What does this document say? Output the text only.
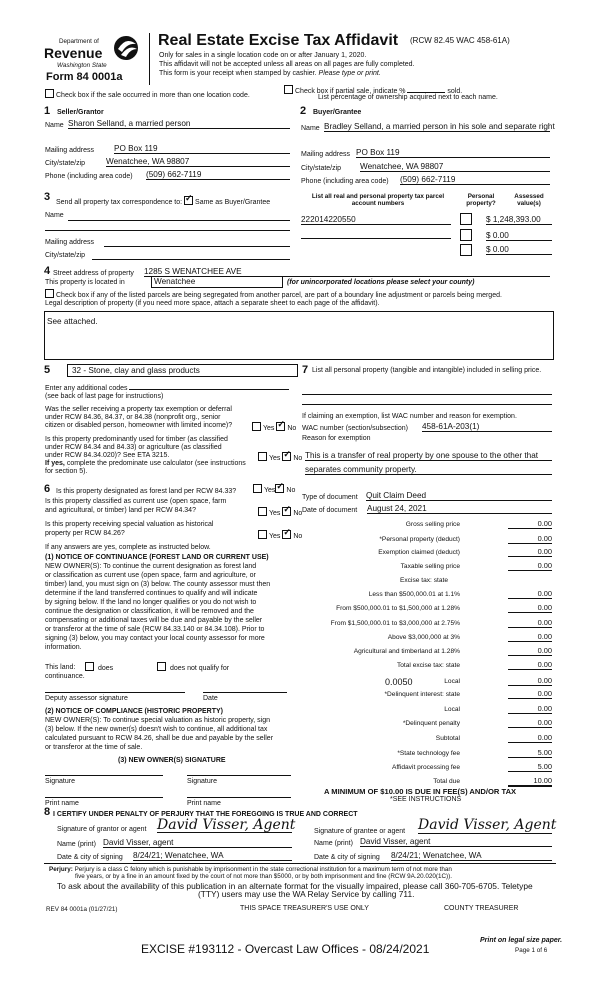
Department of
Revenue
Washington State
Form 84 0001a
Real Estate Excise Tax Affidavit (RCW 82.45 WAC 458-61A)
Only for sales in a single location code on or after January 1, 2020.
This affidavit will not be accepted unless all areas on all pages are fully completed.
This form is your receipt when stamped by cashier. Please type or print.
Check box if the sale occurred in more than one location code.
Check box if partial sale, indicate %	sold.
List percentage of ownership acquired next to each name.
1 Seller/Grantor
Name Sharon Selland, a married person
Mailing address PO Box 119
City/state/zip	Wenatchee, WA 98807
Phone (including area code) (509) 662-7119
2 Buyer/Grantee
Name Bradley Selland, a married person in his sole and separate right
Mailing address PO Box 119
City/state/zip Wenatchee, WA 98807
Phone (including area code) (509) 662-7119
3 Send all property tax correspondence to: ✓ Same as Buyer/Grantee
Name
Mailing address
City/state/zip
List all real and personal property tax parcel account numbers
Personal property?
Assessed value(s)
222014220550	$ 1,248,393.00
$ 0.00
$ 0.00
4 Street address of property 1285 S WENATCHEE AVE
This property is located in	Wenatchee	(for unincorporated locations please select your county)
Check box if any of the listed parcels are being segregated from another parcel, are part of a boundary line adjustment or parcels being merged.
Legal description of property (if you need more space, attach a separate sheet to each page of the affidavit).
See attached.
5	32 - Stone, clay and glass products
Enter any additional codes
(see back of last page for instructions)
Was the seller receiving a property tax exemption or deferral
under RCW 84.36, 84.37, or 84.38 (nonprofit org., senior
citizen or disabled person, homeowner with limited income)?	Yes ✓ No
Is this property predominantly used for timber (as classified
under RCW 84.34 and 84.33) or agriculture (as classified
under RCW 84.34.020)? See ETA 3215.	Yes ✓ No
If yes, complete the predominate use calculator (see instructions
for section 5).
6 Is this property designated as forest land per RCW 84.33?	Yes ✓ No
Is this property classified as current use (open space, farm
and agricultural, or timber) land per RCW 84.34?	Yes ✓ No
Is this property receiving special valuation as historical
property per RCW 84.26?	Yes ✓ No
If any answers are yes, complete as instructed below.
(1) NOTICE OF CONTINUANCE (FOREST LAND OR CURRENT USE)
NEW OWNER(S): To continue the current designation as forest land
or classification as current use (open space, farm and agriculture, or
timber) land, you must sign on (3) below. The county assessor must then
determine if the land transferred continues to qualify and will indicate
by signing below. If the land no longer qualifies or you do not wish to
continue the designation or classification, it will be removed and the
compensating or additional taxes will be due and payable by the seller
or transferor at the time of sale (RCW 84.33.140 or 84.34.108). Prior to
signing (3) below, you may contact your local county assessor for more
information.
This land:	does	does not qualify for
continuance.
Deputy assessor signature	Date
(2) NOTICE OF COMPLIANCE (HISTORIC PROPERTY)
NEW OWNER(S): To continue special valuation as historic property, sign
(3) below. If the new owner(s) doesn't wish to continue, all additional tax
calculated pursuant to RCW 84.26, shall be due and payable by the seller
or transferor at the time of sale.
(3) NEW OWNER(S) SIGNATURE
Signature	Signature
Print name	Print name
7 List all personal property (tangible and intangible) included in selling price.
If claiming an exemption, list WAC number and reason for exemption.
WAC number (section/subsection) 458-61A-203(1)
Reason for exemption
This is a transfer of real property by one spouse to the other that
separates community property.
Type of document Quit Claim Deed
Date of document August 24, 2021
Gross selling price	0.00
*Personal property (deduct)	0.00
Exemption claimed (deduct)	0.00
Taxable selling price	0.00
Excise tax: state
Less than $500,000.01 at 1.1%	0.00
From $500,000.01 to $1,500,000 at 1.28%	0.00
From $1,500,000.01 to $3,000,000 at 2.75%	0.00
Above $3,000,000 at 3%	0.00
Agricultural and timberland at 1.28%	0.00
Total excise tax: state	0.00
0.0050	Local	0.00
*Delinquent interest: state	0.00
Local	0.00
*Delinquent penalty	0.00
Subtotal	0.00
*State technology fee	5.00
Affidavit processing fee	5.00
Total due	10.00
A MINIMUM OF $10.00 IS DUE IN FEE(S) AND/OR TAX
*SEE INSTRUCTIONS
8 I CERTIFY UNDER PENALTY OF PERJURY THAT THE FOREGOING IS TRUE AND CORRECT
Signature of grantor or agent David Visser, Agent
Name (print) David Visser, agent
Date & city of signing 8/24/21; Wenatchee, WA
Signature of grantee or agent David Visser, Agent
Name (print) David Visser, agent
Date & city of signing 8/24/21; Wenatchee, WA
Perjury: Perjury is a class C felony which is punishable by imprisonment in the state correctional institution for a maximum term of not more than
five years, or by a fine in an amount fixed by the court of not more than $5000, or by both imprisonment and fine (RCW 9A.20.020(1C)).
To ask about the availability of this publication in an alternate format for the visually impaired, please call 360-705-6705. Teletype
(TTY) users may use the WA Relay Service by calling 711.
REV 84 0001a (01/27/21)	THIS SPACE TREASURER'S USE ONLY	COUNTY TREASURER
EXCISE #193112 - Overcast Law Offices - 08/24/2021
Print on legal size paper.
Page 1 of 6
